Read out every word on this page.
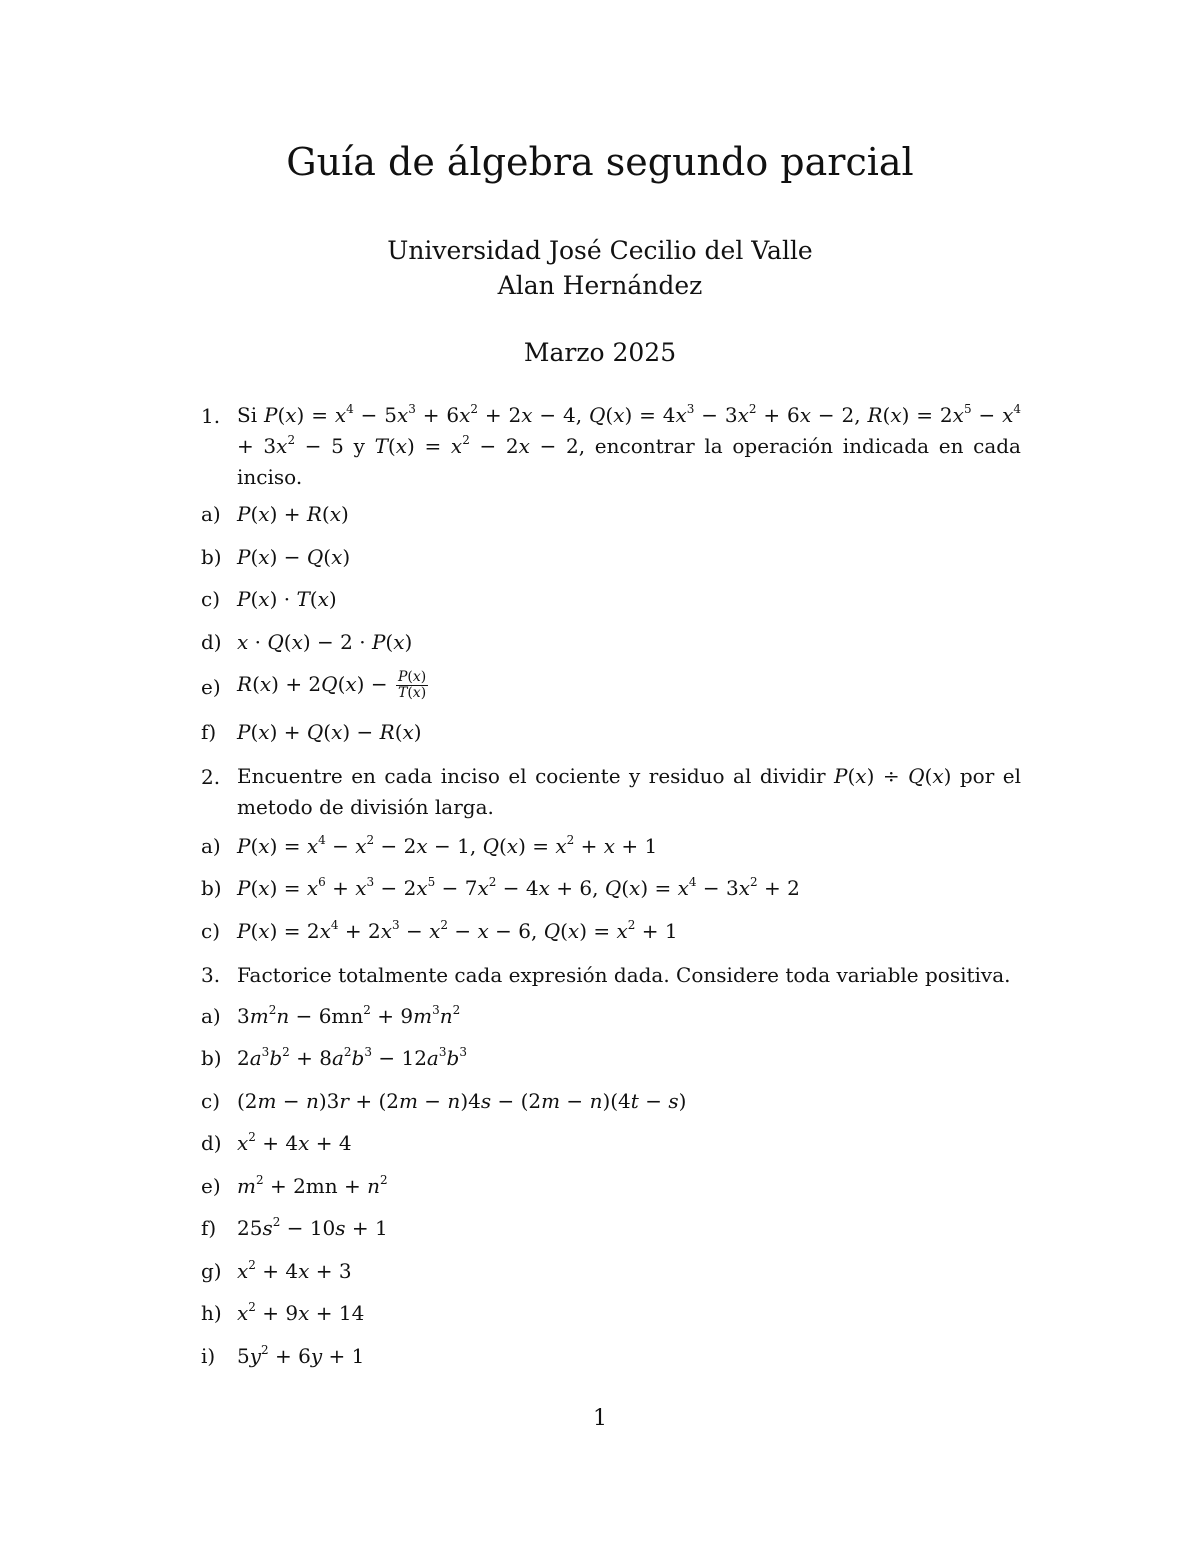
Guía de álgebra segundo parcial
Universidad José Cecilio del Valle
Alan Hernández
Marzo 2025
1. Si $P(x) = x^4 - 5x^3 + 6x^2 + 2x - 4$, $Q(x) = 4x^3 - 3x^2 + 6x - 2$, $R(x) = 2x^5 - x^4 + 3x^2 - 5$ y $T(x) = x^2 - 2x - 2$, encontrar la operación indicada en cada inciso.
a) P(x) + R(x)
b) P(x) − Q(x)
c) P(x) · T(x)
d) x · Q(x) − 2 · P(x)
e) $R(x) + 2Q(x) - \frac{P(x)}{T(x)}$
f)	P(x) + Q(x) − R(x)
2. Encuentre en cada inciso el cociente y residuo al dividir P(x) ÷ Q(x) por el metodo de división larga.
a) $P(x) = x^4 - x^2 - 2x - 1$, $Q(x) = x^2 + x + 1$
b) $P(x) = x^6 + x^3 - 2x^5 - 7x^2 - 4x + 6$, $Q(x) = x^4 - 3x^2 + 2$
c) $P(x) = 2x^4 + 2x^3 - x^2 - x - 6$, $Q(x) = x^2 + 1$
3. Factorice totalmente cada expresión dada. Considere toda variable positiva.
a) $3m^2n - 6mn^2 + 9m^3n^2$
b) $2a^3b^2 + 8a^2b^3 - 12a^3b^3$
c) (2m − n)3r + (2m − n)4s − (2m − n)(4t − s)
d) $x^2 + 4x + 4$
e) $m^2 + 2mn + n^2$
f)	$25s^2 - 10s + 1$
g) $x^2 + 4x + 3$
h) $x^2 + 9x + 14$
i)	$5y^2 + 6y + 1$
1
